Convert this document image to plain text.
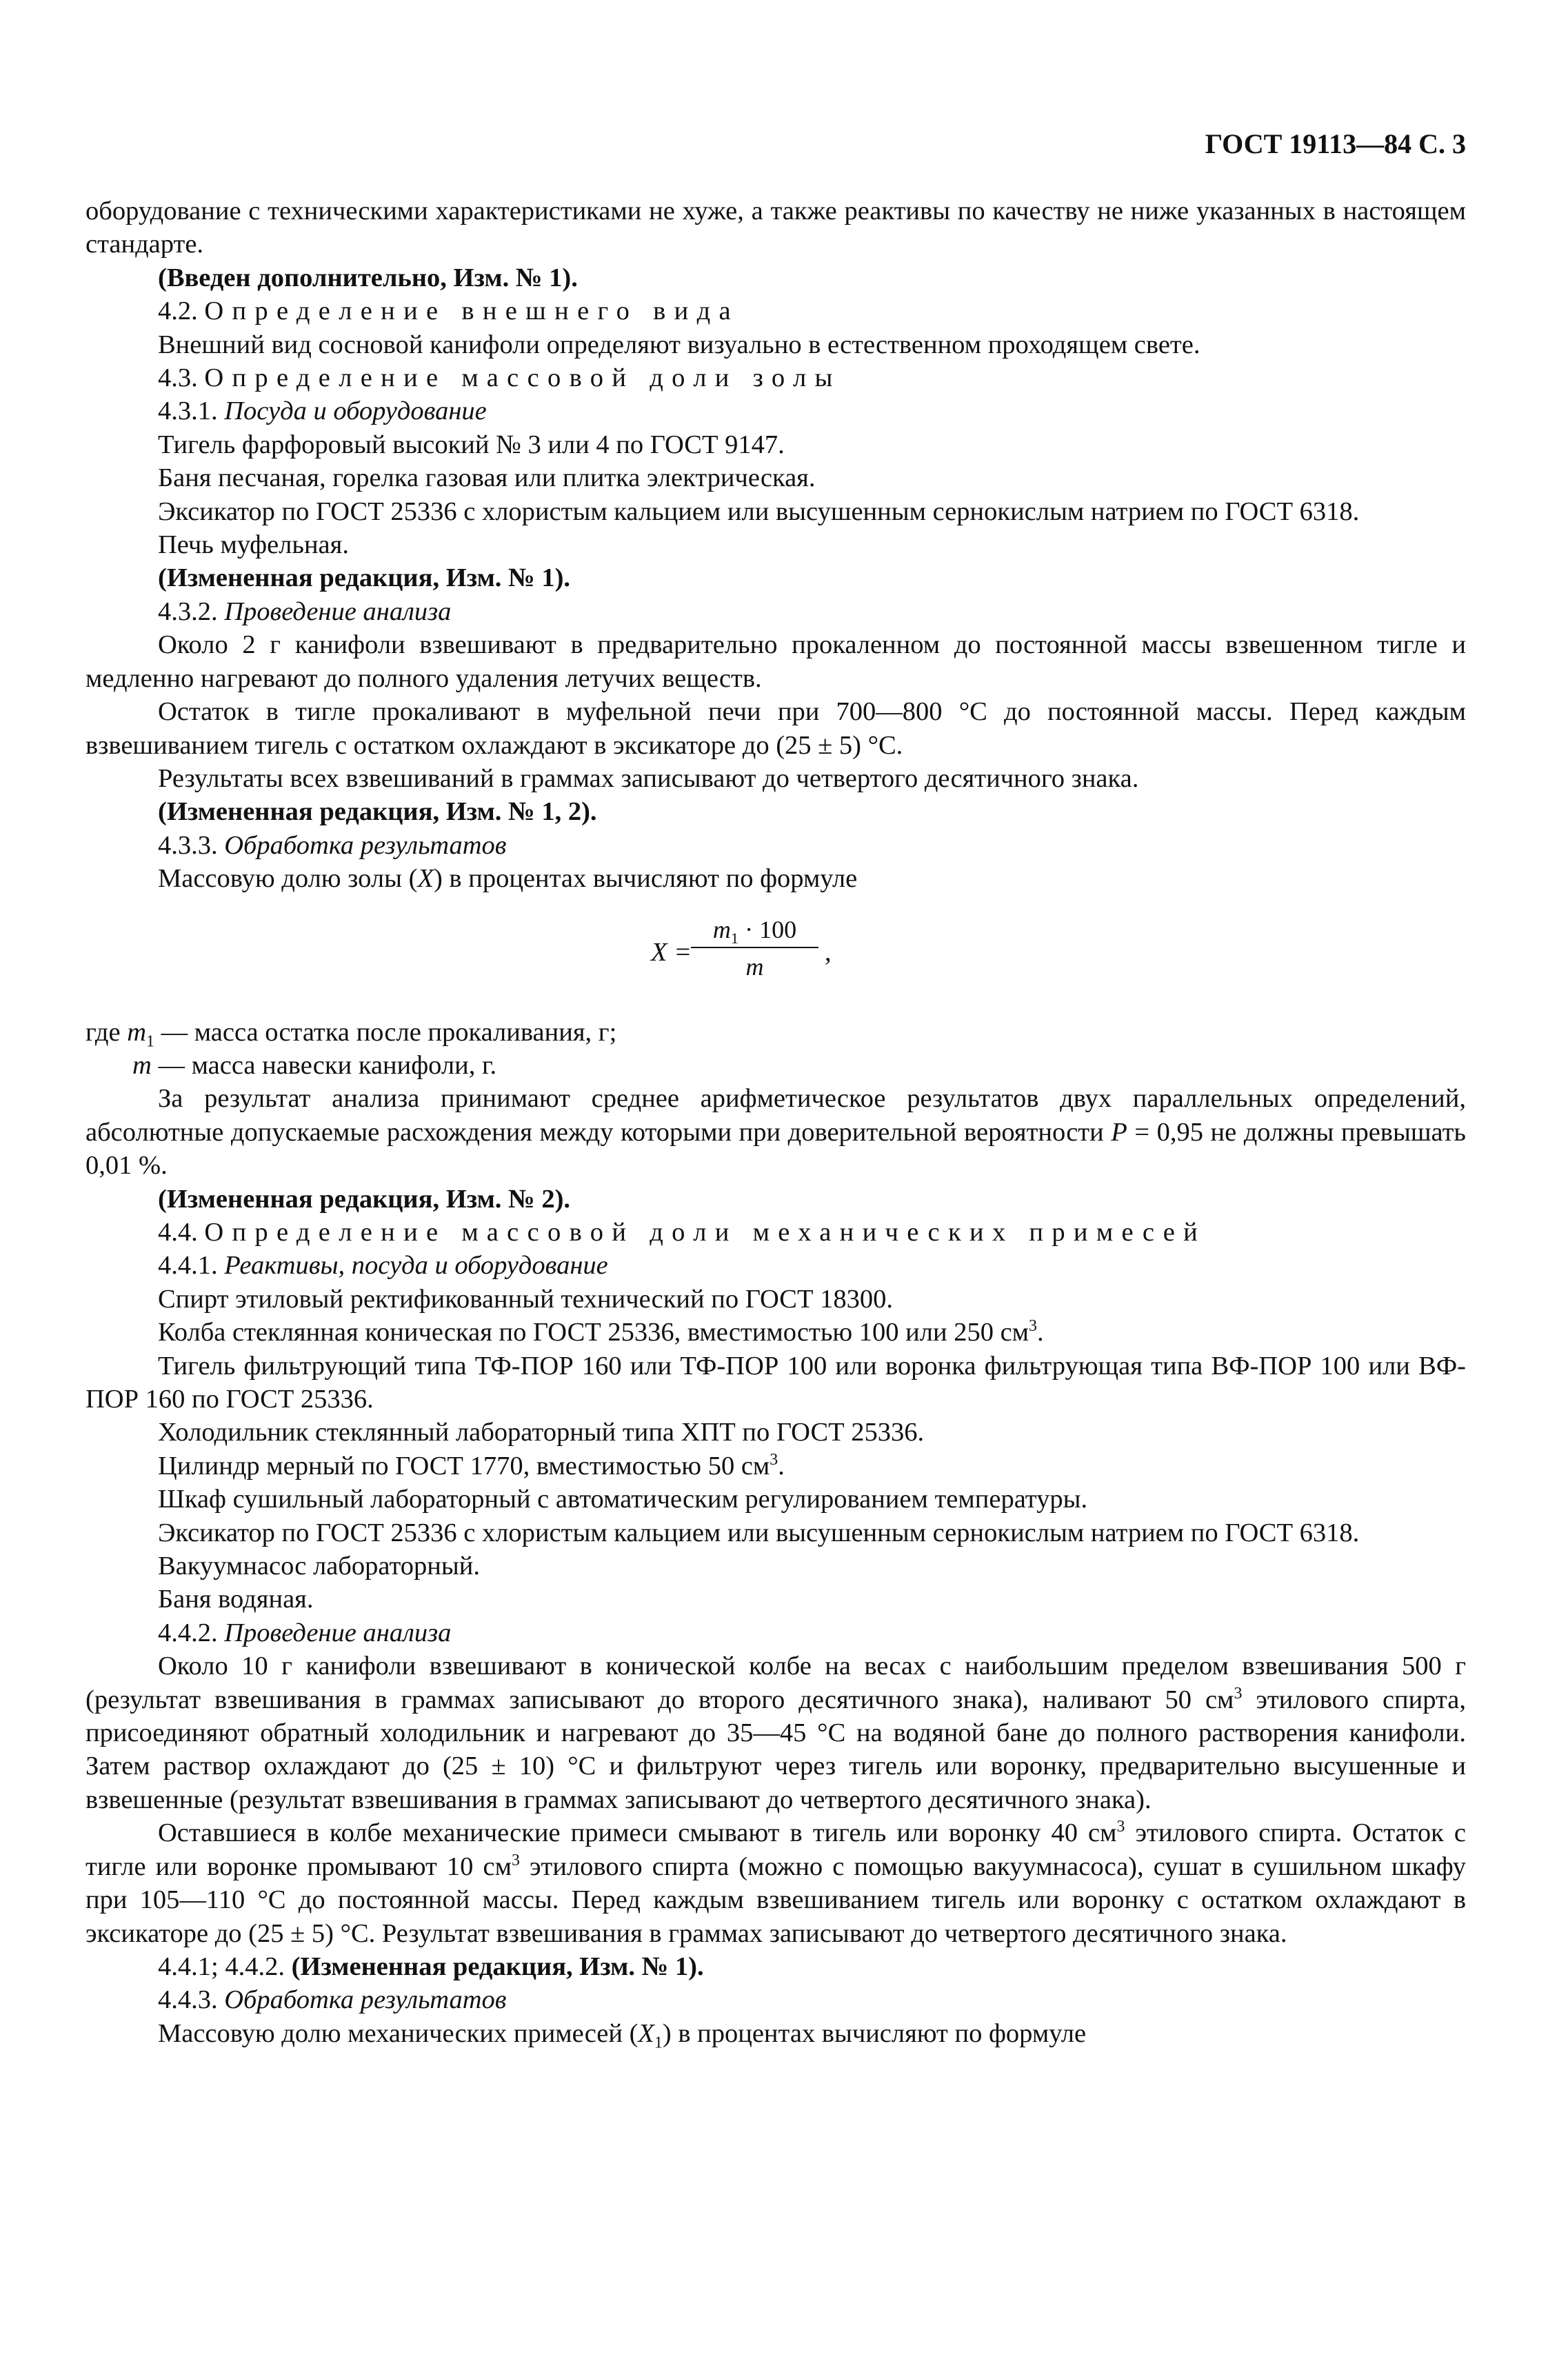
ГОСТ 19113—84 С. 3

оборудование с техническими характеристиками не хуже, а также реактивы по качеству не ниже указанных в настоящем стандарте.

(Введен дополнительно, Изм. № 1).

4.2. Определение внешнего вида

Внешний вид сосновой канифоли определяют визуально в естественном проходящем свете.

4.3. Определение массовой доли золы

4.3.1. Посуда и оборудование

Тигель фарфоровый высокий № 3 или 4 по ГОСТ 9147.

Баня песчаная, горелка газовая или плитка электрическая.

Эксикатор по ГОСТ 25336 с хлористым кальцием или высушенным сернокислым натрием по ГОСТ 6318.

Печь муфельная.

(Измененная редакция, Изм. № 1).

4.3.2. Проведение анализа

Около 2 г канифоли взвешивают в предварительно прокаленном до постоянной массы взвешенном тигле и медленно нагревают до полного удаления летучих веществ.

Остаток в тигле прокаливают в муфельной печи при 700—800 °С до постоянной массы. Перед каждым взвешиванием тигель с остатком охлаждают в эксикаторе до (25 ± 5) °С.

Результаты всех взвешиваний в граммах записывают до четвертого десятичного знака.

(Измененная редакция, Изм. № 1, 2).

4.3.3. Обработка результатов

Массовую долю золы (X) в процентах вычисляют по формуле

X =
$m_1 \cdot 100$
m	,

где $m_1$ — масса остатка после прокаливания, г;

m — масса навески канифоли, г.

За результат анализа принимают среднее арифметическое результатов двух параллельных определений, абсолютные допускаемые расхождения между которыми при доверительной вероятности P = 0,95 не должны превышать 0,01 %.

(Измененная редакция, Изм. № 2).

4.4. Определение массовой доли механических примесей

4.4.1. Реактивы, посуда и оборудование

Спирт этиловый ректификованный технический по ГОСТ 18300.

Колба стеклянная коническая по ГОСТ 25336, вместимостью 100 или 250 $см^3$.

Тигель фильтрующий типа ТФ-ПОР 160 или ТФ-ПОР 100 или воронка фильтрующая типа ВФ-ПОР 100 или ВФ-ПОР 160 по ГОСТ 25336.

Холодильник стеклянный лабораторный типа ХПТ по ГОСТ 25336.

Цилиндр мерный по ГОСТ 1770, вместимостью 50 $см^3$.

Шкаф сушильный лабораторный с автоматическим регулированием температуры.

Эксикатор по ГОСТ 25336 с хлористым кальцием или высушенным сернокислым натрием по ГОСТ 6318.

Вакуумнасос лабораторный.

Баня водяная.

4.4.2. Проведение анализа

Около 10 г канифоли взвешивают в конической колбе на весах с наибольшим пределом взвешивания 500 г (результат взвешивания в граммах записывают до второго десятичного знака), наливают 50 $см^3$ этилового спирта, присоединяют обратный холодильник и нагревают до 35—45 °С на водяной бане до полного растворения канифоли. Затем раствор охлаждают до (25 ± 10) °С и фильтруют через тигель или воронку, предварительно высушенные и взвешенные (результат взвешивания в граммах записывают до четвертого десятичного знака).

Оставшиеся в колбе механические примеси смывают в тигель или воронку 40 $см^3$ этилового спирта. Остаток с тигле или воронке промывают 10 $см^3$ этилового спирта (можно с помощью вакуумнасоса), сушат в сушильном шкафу при 105—110 °С до постоянной массы. Перед каждым взвешиванием тигель или воронку с остатком охлаждают в эксикаторе до (25 ± 5) °С. Результат взвешивания в граммах записывают до четвертого десятичного знака.

4.4.1; 4.4.2. (Измененная редакция, Изм. № 1).

4.4.3. Обработка результатов

Массовую долю механических примесей $(X_1)$ в процентах вычисляют по формуле
